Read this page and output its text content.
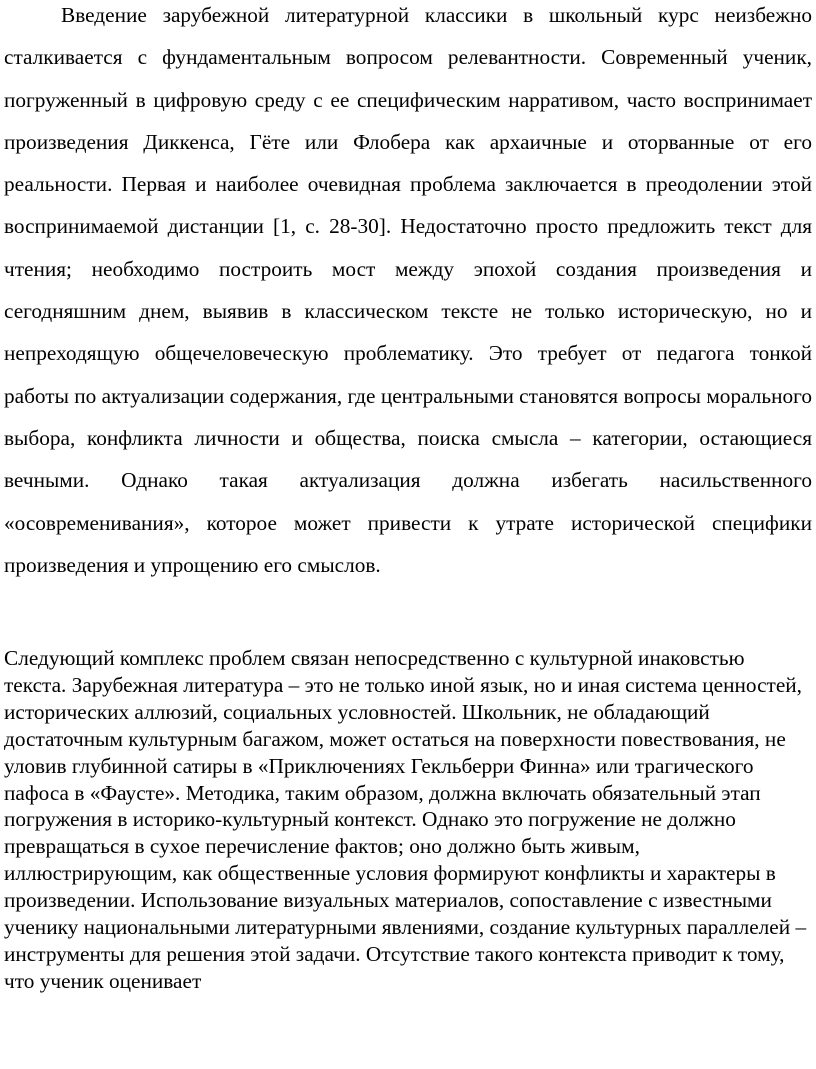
Введение зарубежной литературной классики в школьный курс неизбежно сталкивается с фундаментальным вопросом релевантности. Современный ученик, погруженный в цифровую среду с ее специфическим нарративом, часто воспринимает произведения Диккенса, Гёте или Флобера как архаичные и оторванные от его реальности. Первая и наиболее очевидная проблема заключается в преодолении этой воспринимаемой дистанции [1, с. 28-30]. Недостаточно просто предложить текст для чтения; необходимо построить мост между эпохой создания произведения и сегодняшним днем, выявив в классическом тексте не только историческую, но и непреходящую общечеловеческую проблематику. Это требует от педагога тонкой работы по актуализации содержания, где центральными становятся вопросы морального выбора, конфликта личности и общества, поиска смысла – категории, остающиеся вечными. Однако такая актуализация должна избегать насильственного «осовременивания», которое может привести к утрате исторической специфики произведения и упрощению его смыслов.

Следующий комплекс проблем связан непосредственно с культурной инаковстью текста. Зарубежная литература – это не только иной язык, но и иная система ценностей, исторических аллюзий, социальных условностей. Школьник, не обладающий достаточным культурным багажом, может остаться на поверхности повествования, не уловив глубинной сатиры в «Приключениях Гекльберри Финна» или трагического пафоса в «Фаусте». Методика, таким образом, должна включать обязательный этап погружения в историко-культурный контекст. Однако это погружение не должно превращаться в сухое перечисление фактов; оно должно быть живым, иллюстрирующим, как общественные условия формируют конфликты и характеры в произведении. Использование визуальных материалов, сопоставление с известными ученику национальными литературными явлениями, создание культурных параллелей – инструменты для решения этой задачи. Отсутствие такого контекста приводит к тому, что ученик оценивает
